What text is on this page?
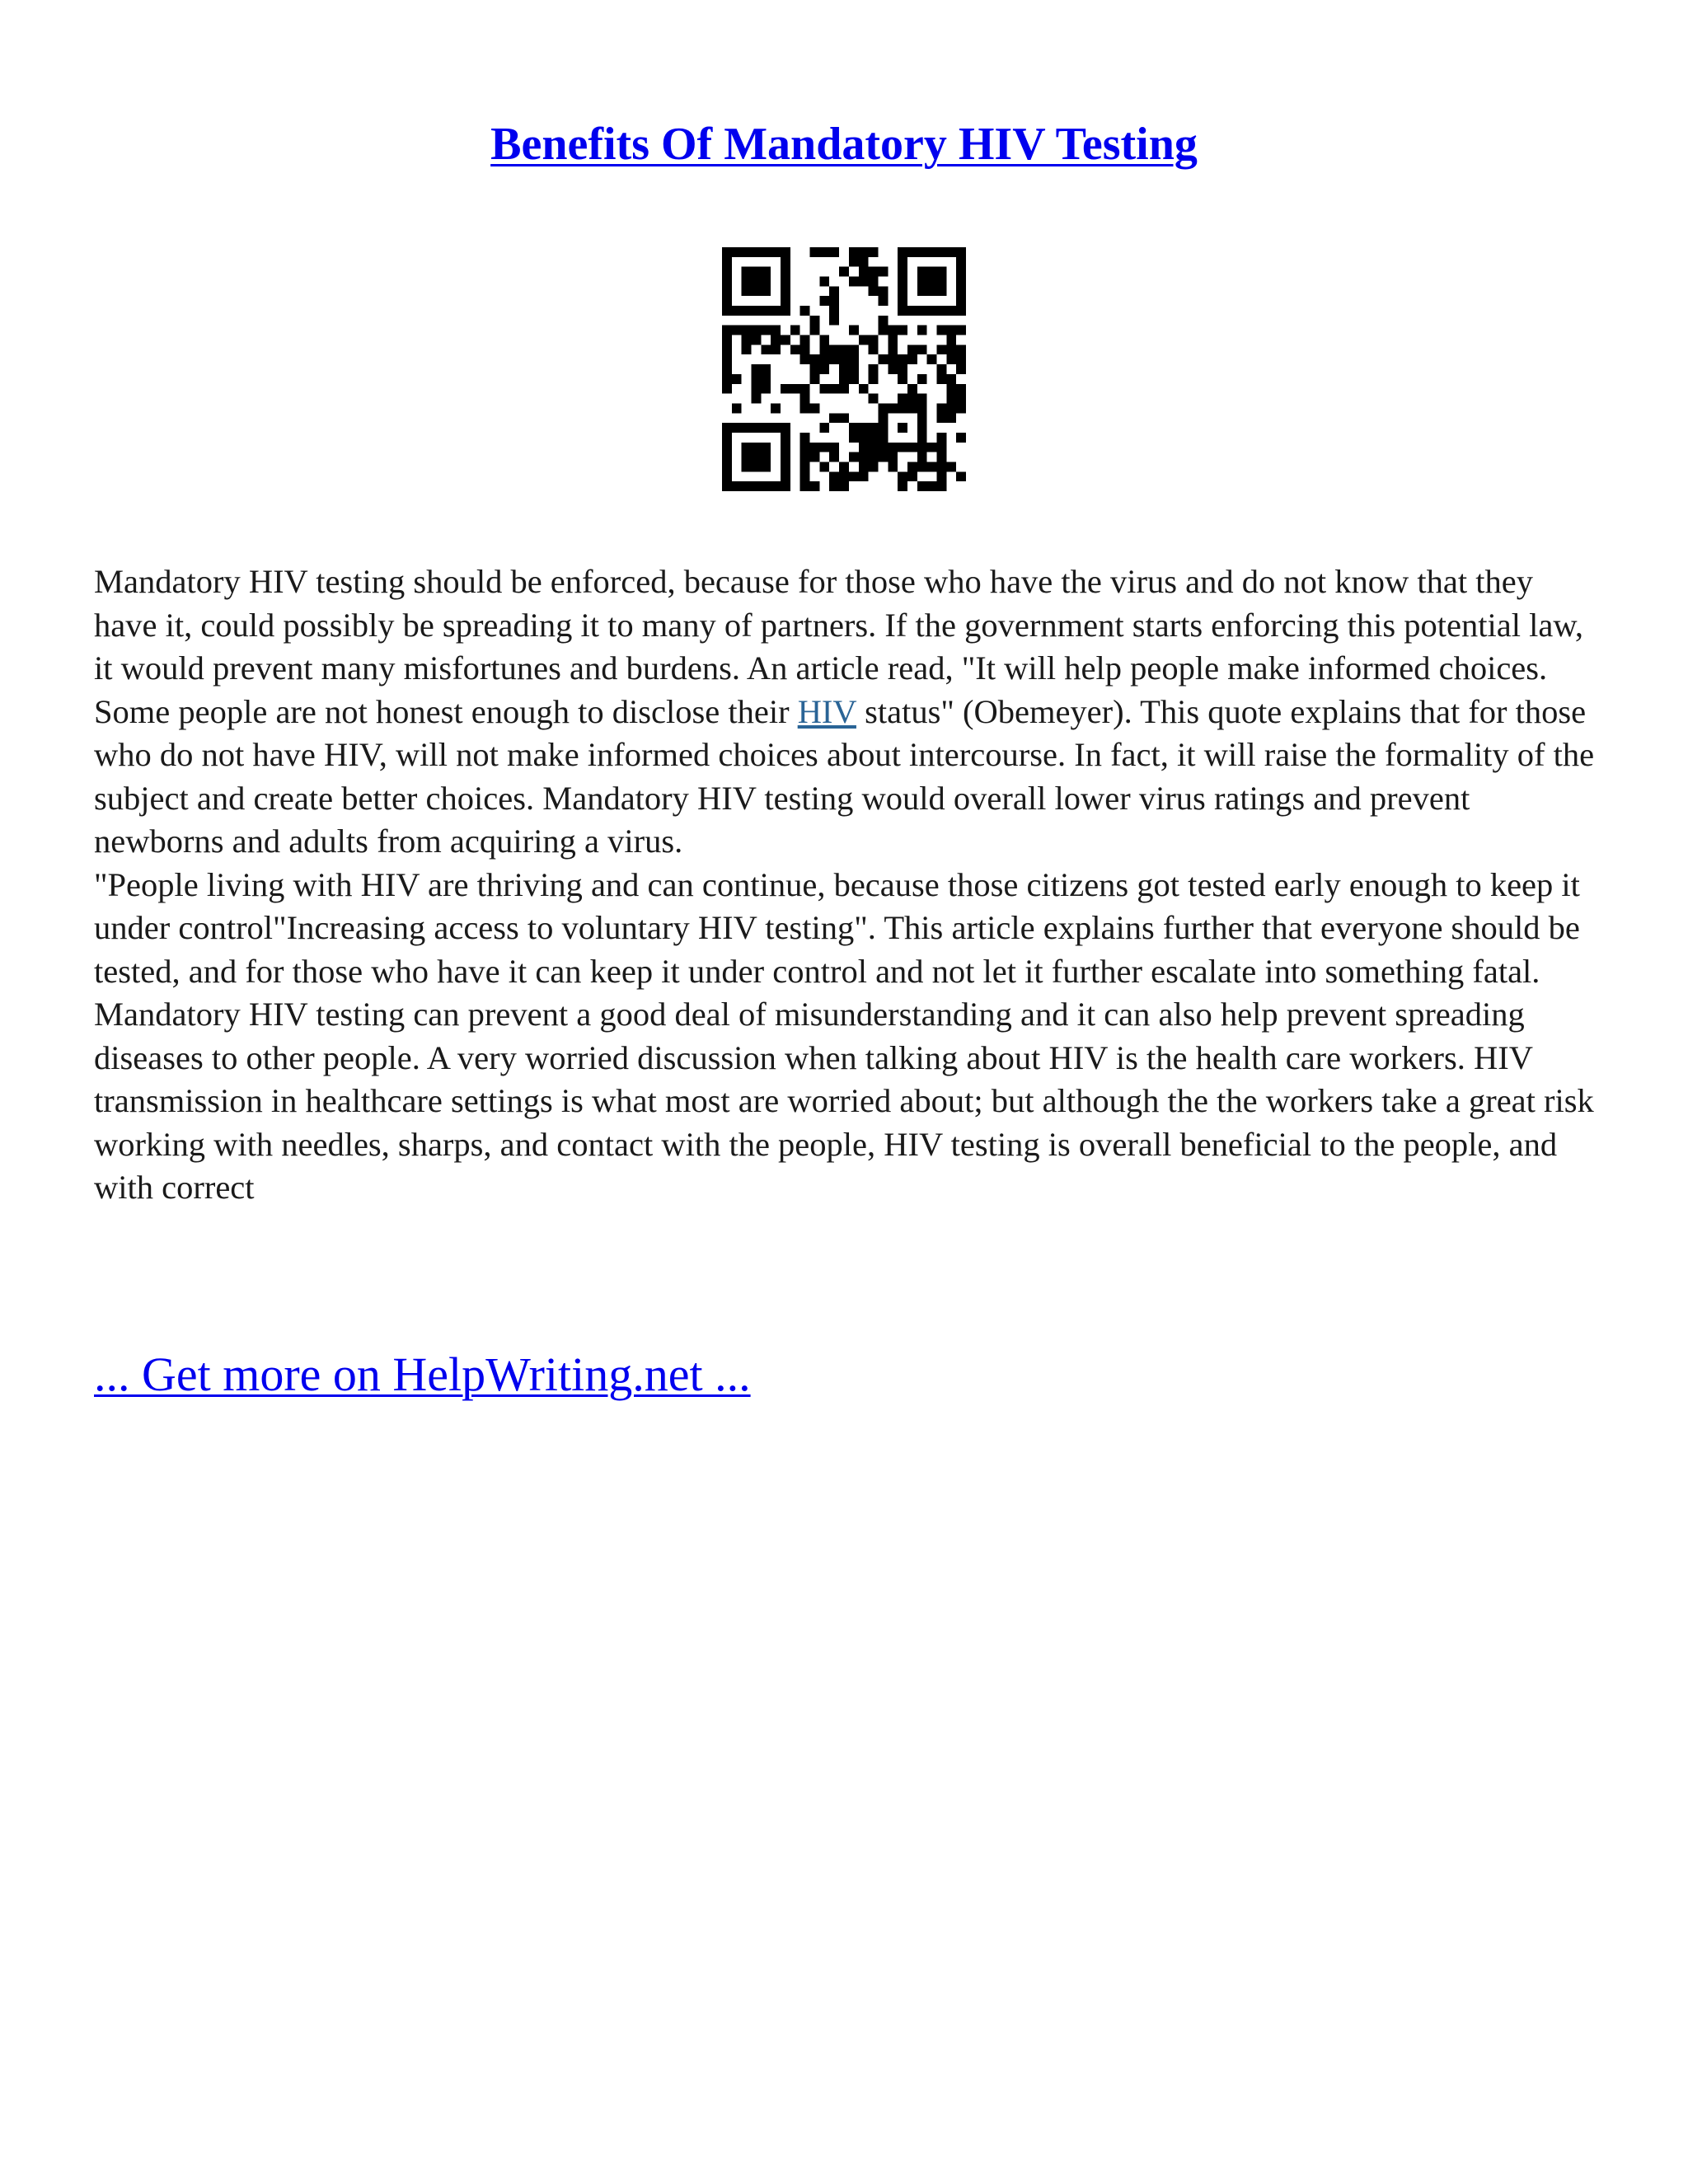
Benefits Of Mandatory HIV Testing

Mandatory HIV testing should be enforced, because for those who have the virus and do not know that they have it, could possibly be spreading it to many of partners. If the government starts enforcing this potential law, it would prevent many misfortunes and burdens. An article read, "It will help people make informed choices. Some people are not honest enough to disclose their HIV status" (Obemeyer). This quote explains that for those who do not have HIV, will not make informed choices about intercourse. In fact, it will raise the formality of the subject and create better choices. Mandatory HIV testing would overall lower virus ratings and prevent newborns and adults from acquiring a virus.

"People living with HIV are thriving and can continue, because those citizens got tested early enough to keep it under control"Increasing access to voluntary HIV testing". This article explains further that everyone should be tested, and for those who have it can keep it under control and not let it further escalate into something fatal. Mandatory HIV testing can prevent a good deal of misunderstanding and it can also help prevent spreading diseases to other people. A very worried discussion when talking about HIV is the health care workers. HIV transmission in healthcare settings is what most are worried about; but although the the workers take a great risk working with needles, sharps, and contact with the people, HIV testing is overall beneficial to the people, and with correct

... Get more on HelpWriting.net ...
